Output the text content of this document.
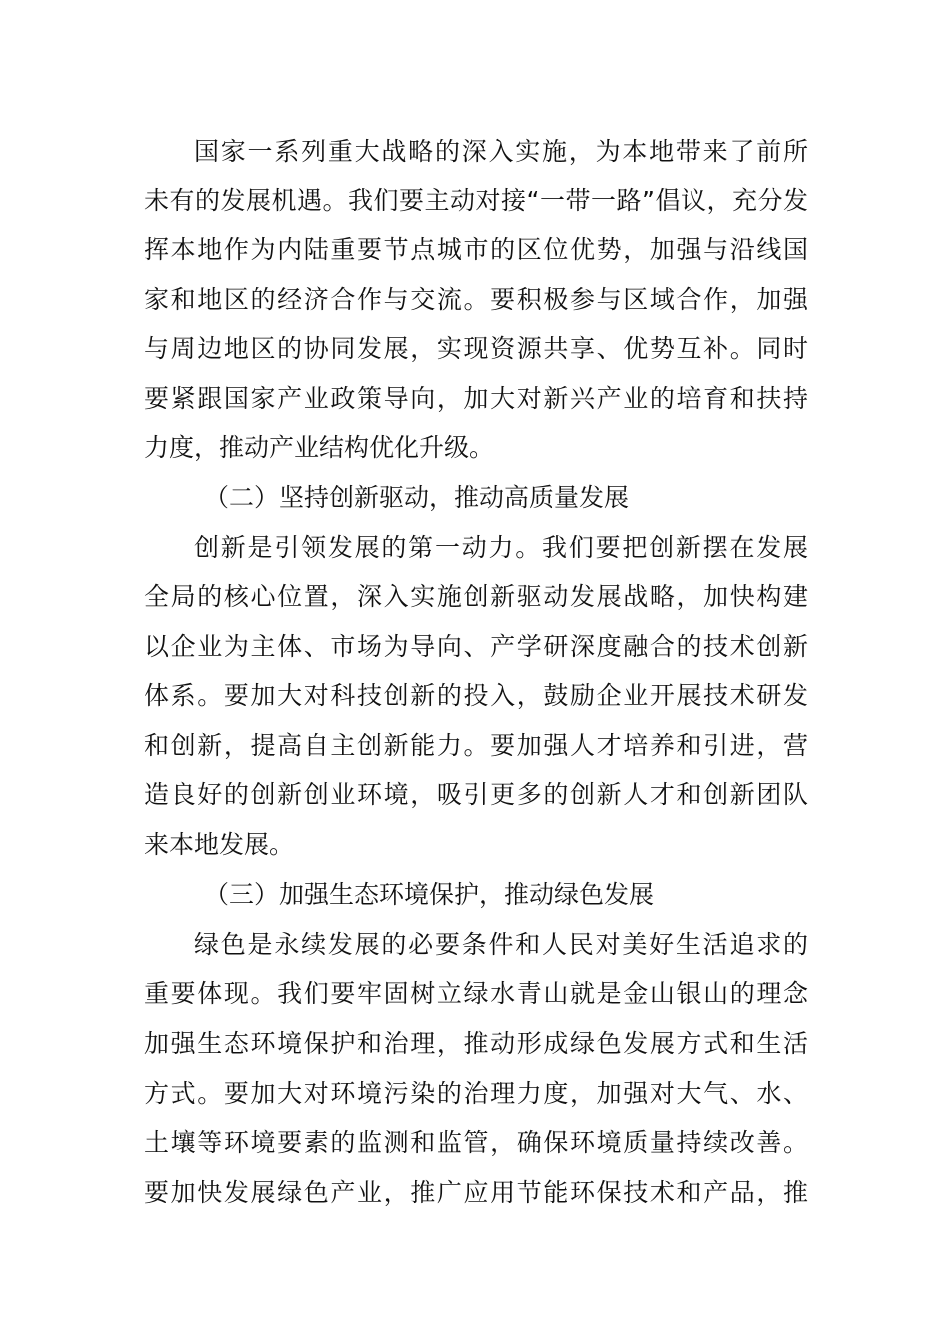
国家一系列重大战略的深入实施，为本地带来了前所
未有的发展机遇。我们要主动对接“一带一路”倡议，充分发
挥本地作为内陆重要节点城市的区位优势，加强与沿线国
家和地区的经济合作与交流。要积极参与区域合作，加强
与周边地区的协同发展，实现资源共享、优势互补。同时
要紧跟国家产业政策导向，加大对新兴产业的培育和扶持
力度，推动产业结构优化升级。
（二）坚持创新驱动，推动高质量发展
创新是引领发展的第一动力。我们要把创新摆在发展
全局的核心位置，深入实施创新驱动发展战略，加快构建
以企业为主体、市场为导向、产学研深度融合的技术创新
体系。要加大对科技创新的投入，鼓励企业开展技术研发
和创新，提高自主创新能力。要加强人才培养和引进，营
造良好的创新创业环境，吸引更多的创新人才和创新团队
来本地发展。
（三）加强生态环境保护，推动绿色发展
绿色是永续发展的必要条件和人民对美好生活追求的
重要体现。我们要牢固树立绿水青山就是金山银山的理念
加强生态环境保护和治理，推动形成绿色发展方式和生活
方式。要加大对环境污染的治理力度，加强对大气、水、
土壤等环境要素的监测和监管，确保环境质量持续改善。
要加快发展绿色产业，推广应用节能环保技术和产品，推
